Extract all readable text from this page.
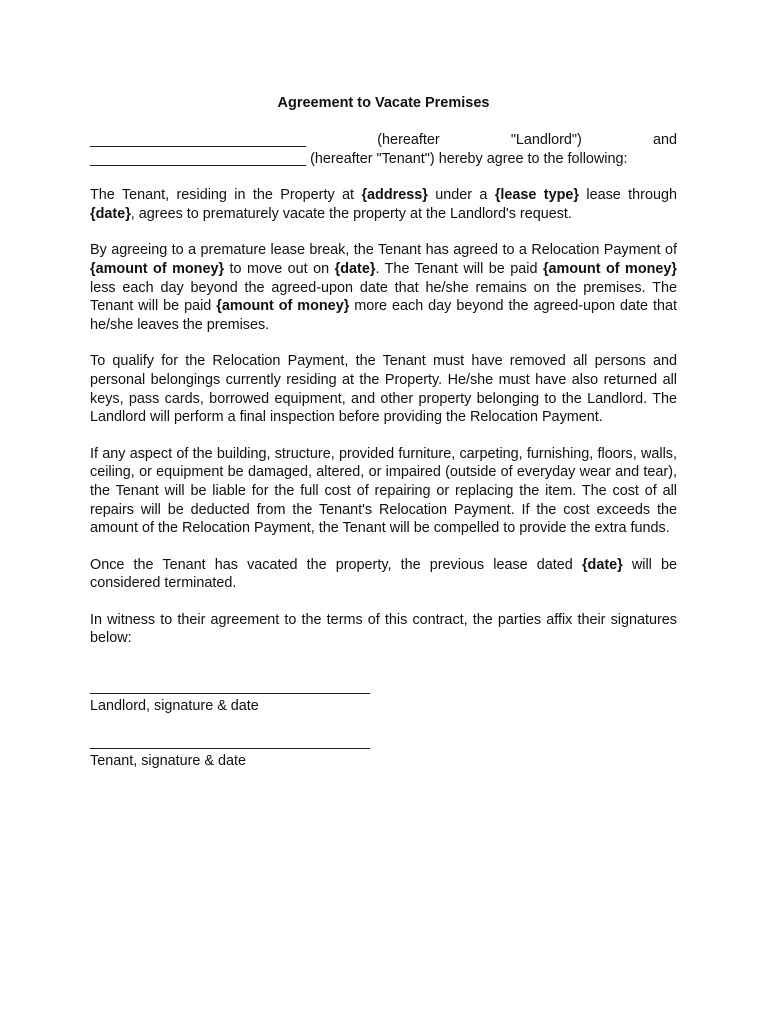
Agreement to Vacate Premises

___________________________	(hereafter "Landlord") and ___________________________ (hereafter "Tenant") hereby agree to the following:

The Tenant, residing in the Property at {address} under a {lease type} lease through {date}, agrees to prematurely vacate the property at the Landlord's request.

By agreeing to a premature lease break, the Tenant has agreed to a Relocation Payment of {amount of money} to move out on {date}. The Tenant will be paid {amount of money} less each day beyond the agreed-upon date that he/she remains on the premises. The Tenant will be paid {amount of money} more each day beyond the agreed-upon date that he/she leaves the premises.

To qualify for the Relocation Payment, the Tenant must have removed all persons and personal belongings currently residing at the Property. He/she must have also returned all keys, pass cards, borrowed equipment, and other property belonging to the Landlord. The Landlord will perform a final inspection before providing the Relocation Payment.

If any aspect of the building, structure, provided furniture, carpeting, furnishing, floors, walls, ceiling, or equipment be damaged, altered, or impaired (outside of everyday wear and tear), the Tenant will be liable for the full cost of repairing or replacing the item. The cost of all repairs will be deducted from the Tenant's Relocation Payment. If the cost exceeds the amount of the Relocation Payment, the Tenant will be compelled to provide the extra funds.

Once the Tenant has vacated the property, the previous lease dated {date} will be considered terminated.

In witness to their agreement to the terms of this contract, the parties affix their signatures below:

___________________________________

Landlord, signature & date

___________________________________

Tenant, signature & date
